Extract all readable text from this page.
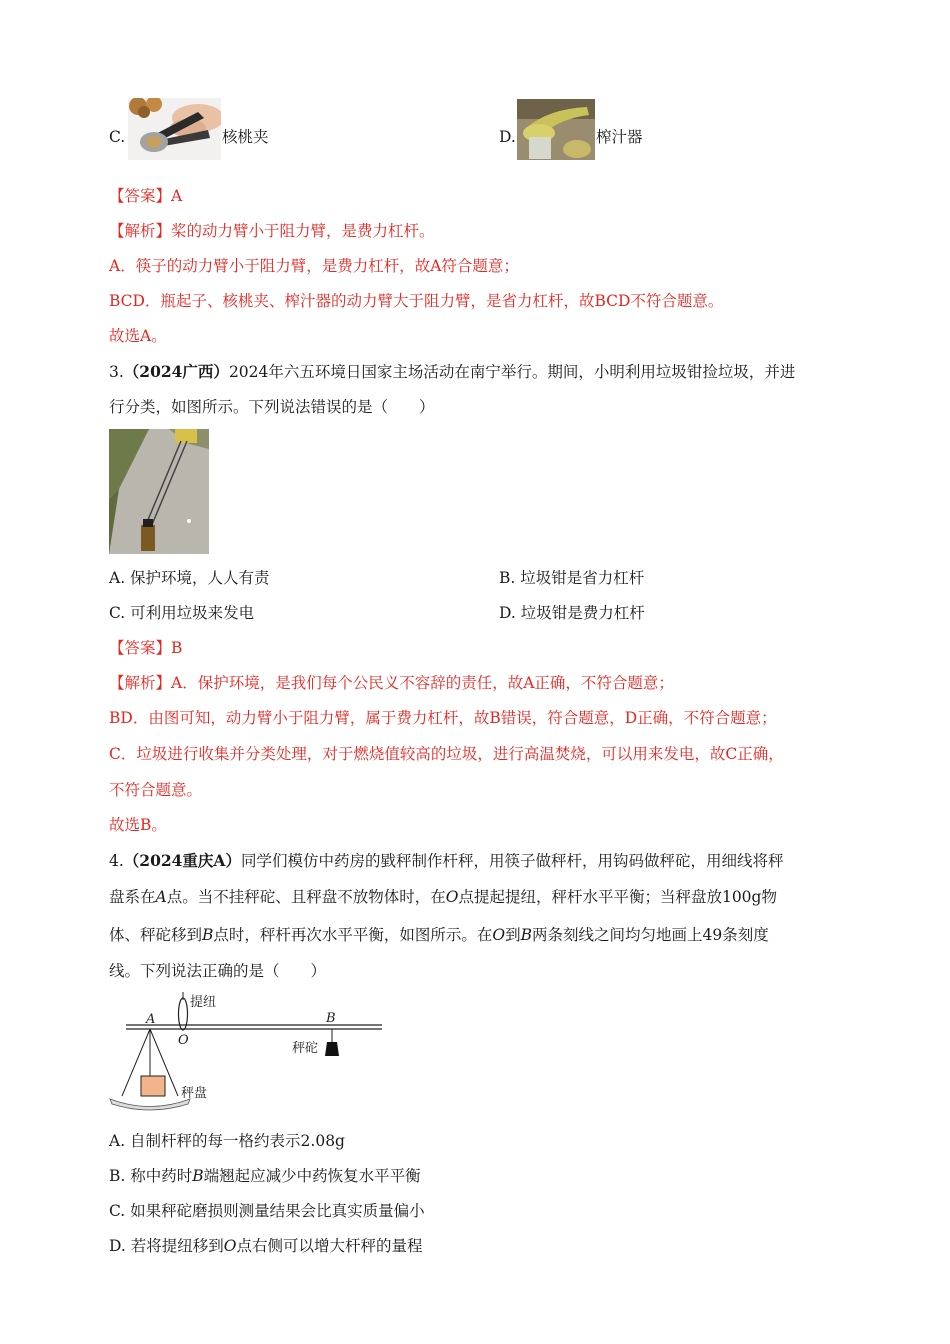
C.	核桃夹	D.	榨汁器
【答案】A
【解析】桨的动力臂小于阻力臂，是费力杠杆。
A．筷子的动力臂小于阻力臂，是费力杠杆，故A符合题意；
BCD．瓶起子、核桃夹、榨汁器的动力臂大于阻力臂，是省力杠杆，故BCD不符合题意。
故选A。
3.（2024广西）2024年六五环境日国家主场活动在南宁举行。期间，小明利用垃圾钳捡垃圾，并进
行分类，如图所示。下列说法错误的是（　　）
A. 保护环境，人人有责	B. 垃圾钳是省力杠杆
C. 可利用垃圾来发电	D. 垃圾钳是费力杠杆
【答案】B
【解析】A．保护环境，是我们每个公民义不容辞的责任，故A正确，不符合题意；
BD．由图可知，动力臂小于阻力臂，属于费力杠杆，故B错误，符合题意，D正确，不符合题意；
C．垃圾进行收集并分类处理，对于燃烧值较高的垃圾，进行高温焚烧，可以用来发电，故C正确，
不符合题意。
故选B。
4.（2024重庆A）同学们模仿中药房的戥秤制作杆秤，用筷子做秤杆，用钩码做秤砣，用细线将秤
盘系在A点。当不挂秤砣、且秤盘不放物体时，在O点提起提纽，秤杆水平平衡；当秤盘放100g物
体、秤砣移到B点时，秤杆再次水平平衡，如图所示。在O到B两条刻线之间均匀地画上49条刻度
线。下列说法正确的是（　　）
提纽
A
O
B
秤砣
秤盘
A. 自制杆秤的每一格约表示2.08g
B. 称中药时B端翘起应减少中药恢复水平平衡
C. 如果秤砣磨损则测量结果会比真实质量偏小
D. 若将提纽移到O点右侧可以增大杆秤的量程
